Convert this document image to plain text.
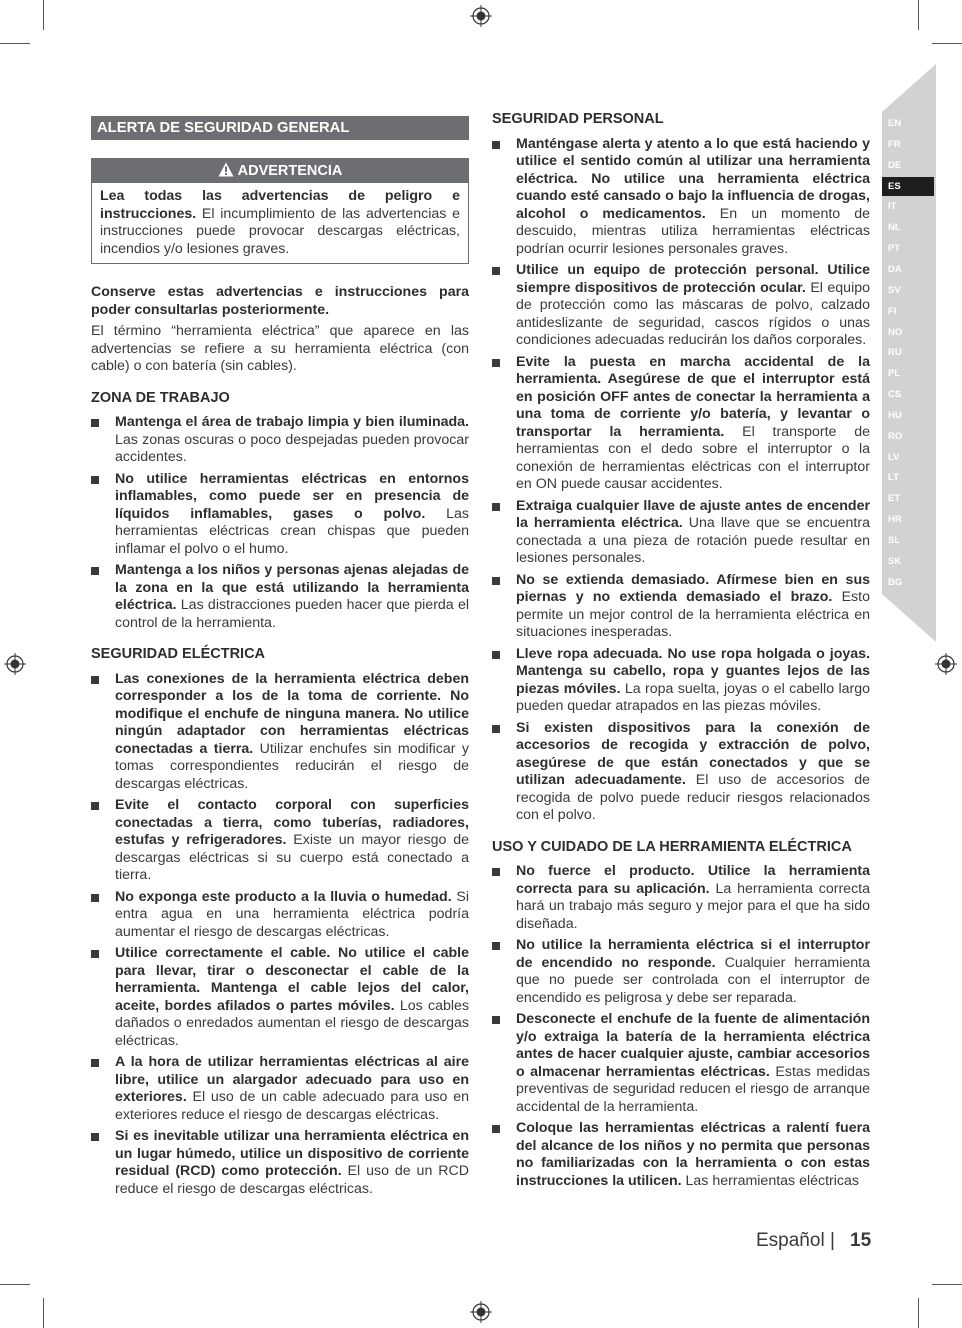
EN
FR
DE
ES
IT
NL
PT
DA
SV
FI
NO
RU
PL
CS
HU
RO
LV
LT
ET
HR
SL
SK
BG
ALERTA DE SEGURIDAD GENERAL
ADVERTENCIA
Lea todas las advertencias de peligro e instrucciones. El incumplimiento de las advertencias e instrucciones puede provocar descargas eléctricas, incendios y/o lesiones graves.

Conserve estas advertencias e instrucciones para poder consultarlas posteriormente.

El término “herramienta eléctrica” que aparece en las advertencias se refiere a su herramienta eléctrica (con cable) o con batería (sin cables).

ZONA DE TRABAJO
Mantenga el área de trabajo limpia y bien iluminada. Las zonas oscuras o poco despejadas pueden provocar accidentes.
No utilice herramientas eléctricas en entornos inflamables, como puede ser en presencia de líquidos inflamables, gases o polvo. Las herramientas eléctricas crean chispas que pueden inflamar el polvo o el humo.
Mantenga a los niños y personas ajenas alejadas de la zona en la que está utilizando la herramienta eléctrica. Las distracciones pueden hacer que pierda el control de la herramienta.
SEGURIDAD ELÉCTRICA
Las conexiones de la herramienta eléctrica deben corresponder a los de la toma de corriente. No modifique el enchufe de ninguna manera. No utilice ningún adaptador con herramientas eléctricas conectadas a tierra. Utilizar enchufes sin modificar y tomas correspondientes reducirán el riesgo de descargas eléctricas.
Evite el contacto corporal con superficies conectadas a tierra, como tuberías, radiadores, estufas y refrigeradores. Existe un mayor riesgo de descargas eléctricas si su cuerpo está conectado a tierra.
No exponga este producto a la lluvia o humedad. Si entra agua en una herramienta eléctrica podría aumentar el riesgo de descargas eléctricas.
Utilice correctamente el cable. No utilice el cable para llevar, tirar o desconectar el cable de la herramienta. Mantenga el cable lejos del calor, aceite, bordes afilados o partes móviles. Los cables dañados o enredados aumentan el riesgo de descargas eléctricas.
A la hora de utilizar herramientas eléctricas al aire libre, utilice un alargador adecuado para uso en exteriores. El uso de un cable adecuado para uso en exteriores reduce el riesgo de descargas eléctricas.
Si es inevitable utilizar una herramienta eléctrica en un lugar húmedo, utilice un dispositivo de corriente residual (RCD) como protección. El uso de un RCD reduce el riesgo de descargas eléctricas.
SEGURIDAD PERSONAL
Manténgase alerta y atento a lo que está haciendo y utilice el sentido común al utilizar una herramienta eléctrica. No utilice una herramienta eléctrica cuando esté cansado o bajo la influencia de drogas, alcohol o medicamentos. En un momento de descuido, mientras utiliza herramientas eléctricas podrían ocurrir lesiones personales graves.
Utilice un equipo de protección personal. Utilice siempre dispositivos de protección ocular. El equipo de protección como las máscaras de polvo, calzado antideslizante de seguridad, cascos rígidos o unas condiciones adecuadas reducirán los daños corporales.
Evite la puesta en marcha accidental de la herramienta. Asegúrese de que el interruptor está en posición OFF antes de conectar la herramienta a una toma de corriente y/o batería, y levantar o transportar la herramienta. El transporte de herramientas con el dedo sobre el interruptor o la conexión de herramientas eléctricas con el interruptor en ON puede causar accidentes.
Extraiga cualquier llave de ajuste antes de encender la herramienta eléctrica. Una llave que se encuentra conectada a una pieza de rotación puede resultar en lesiones personales.
No se extienda demasiado. Afírmese bien en sus piernas y no extienda demasiado el brazo. Esto permite un mejor control de la herramienta eléctrica en situaciones inesperadas.
Lleve ropa adecuada. No use ropa holgada o joyas. Mantenga su cabello, ropa y guantes lejos de las piezas móviles. La ropa suelta, joyas o el cabello largo pueden quedar atrapados en las piezas móviles.
Si existen dispositivos para la conexión de accesorios de recogida y extracción de polvo, asegúrese de que están conectados y que se utilizan adecuadamente. El uso de accesorios de recogida de polvo puede reducir riesgos relacionados con el polvo.
USO Y CUIDADO DE LA HERRAMIENTA ELÉCTRICA
No fuerce el producto. Utilice la herramienta correcta para su aplicación. La herramienta correcta hará un trabajo más seguro y mejor para el que ha sido diseñada.
No utilice la herramienta eléctrica si el interruptor de encendido no responde. Cualquier herramienta que no puede ser controlada con el interruptor de encendido es peligrosa y debe ser reparada.
Desconecte el enchufe de la fuente de alimentación y/o extraiga la batería de la herramienta eléctrica antes de hacer cualquier ajuste, cambiar accesorios o almacenar herramientas eléctricas. Estas medidas preventivas de seguridad reducen el riesgo de arranque accidental de la herramienta.
Coloque las herramientas eléctricas a ralentí fuera del alcance de los niños y no permita que personas no familiarizadas con la herramienta o con estas instrucciones la utilicen. Las herramientas eléctricas
Español | 15
